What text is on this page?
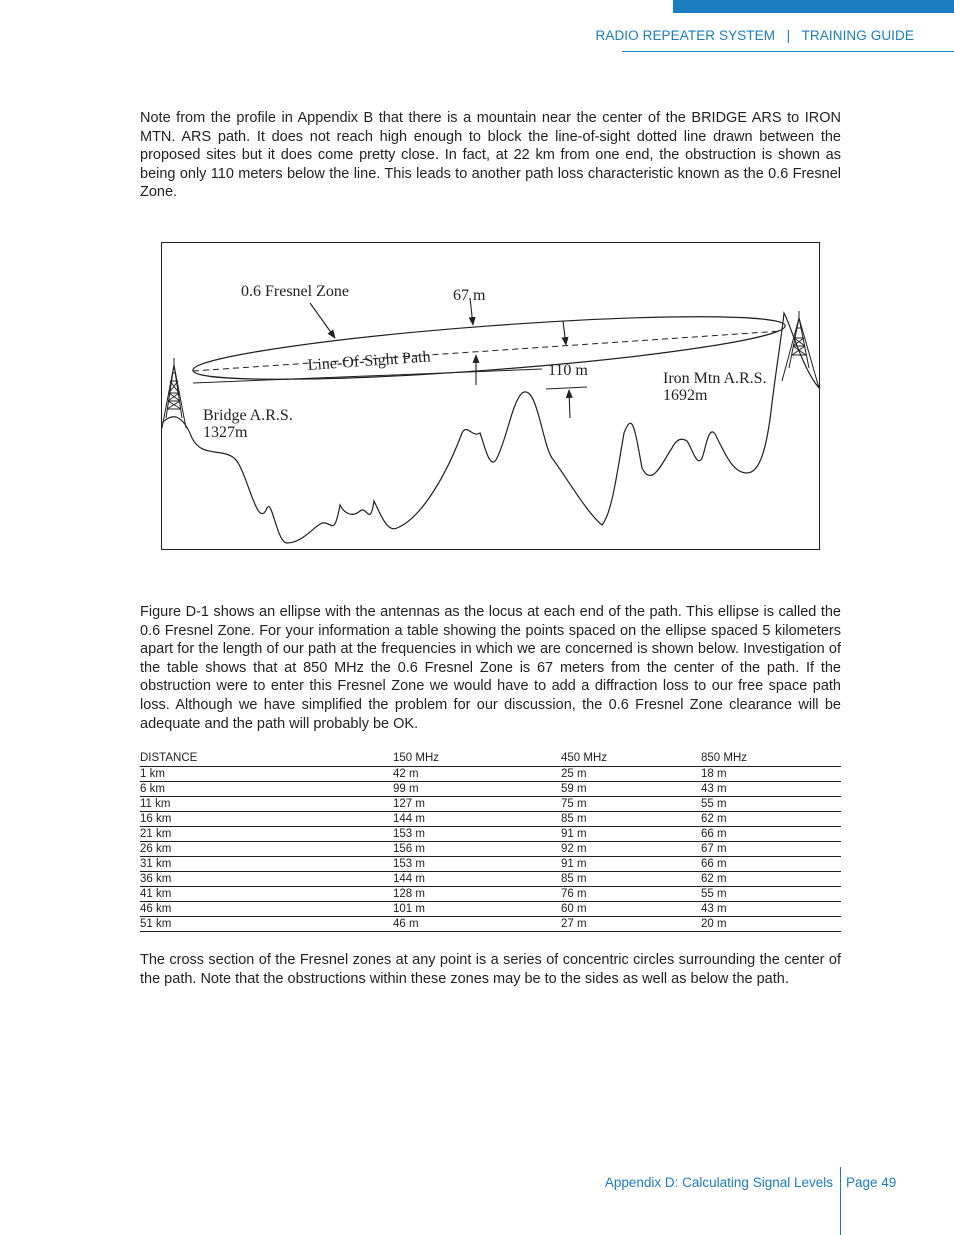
RADIO REPEATER SYSTEM   |   TRAINING GUIDE

Note from the profile in Appendix B that there is a mountain near the center of the BRIDGE ARS to IRON MTN. ARS path. It does not reach high enough to block the line-of-sight dotted line drawn between the proposed sites but it does come pretty close. In fact, at 22 km from one end, the obstruction is shown as being only 110 meters below the line. This leads to another path loss characteristic known as the 0.6 Fresnel Zone.

0.6 Fresnel Zone	67 m
Line-Of-Sight Path	110 m	Iron Mtn A.R.S.
1692m
Bridge A.R.S.
1327m

Figure D-1 shows an ellipse with the antennas as the locus at each end of the path. This ellipse is called the 0.6 Fresnel Zone. For your information a table showing the points spaced on the ellipse spaced 5 kilometers apart for the length of our path at the frequencies in which we are concerned is shown below. Investigation of the table shows that at 850 MHz the 0.6 Fresnel Zone is 67 meters from the center of the path. If the obstruction were to enter this Fresnel Zone we would have to add a diffraction loss to our free space path loss. Although we have simplified the problem for our discussion, the 0.6 Fresnel Zone clearance will be adequate and the path will probably be OK.

DISTANCE	150 MHz	450 MHz	850 MHz
1 km	42 m	25 m	18 m
6 km	99 m	59 m	43 m
11 km	127 m	75 m	55 m
16 km	144 m	85 m	62 m
21 km	153 m	91 m	66 m
26 km	156 m	92 m	67 m
31 km	153 m	91 m	66 m
36 km	144 m	85 m	62 m
41 km	128 m	76 m	55 m
46 km	101 m	60 m	43 m
51 km	46 m	27 m	20 m

The cross section of the Fresnel zones at any point is a series of concentric circles surrounding the center of the path. Note that the obstructions within these zones may be to the sides as well as below the path.

Appendix D: Calculating Signal Levels Page 49
